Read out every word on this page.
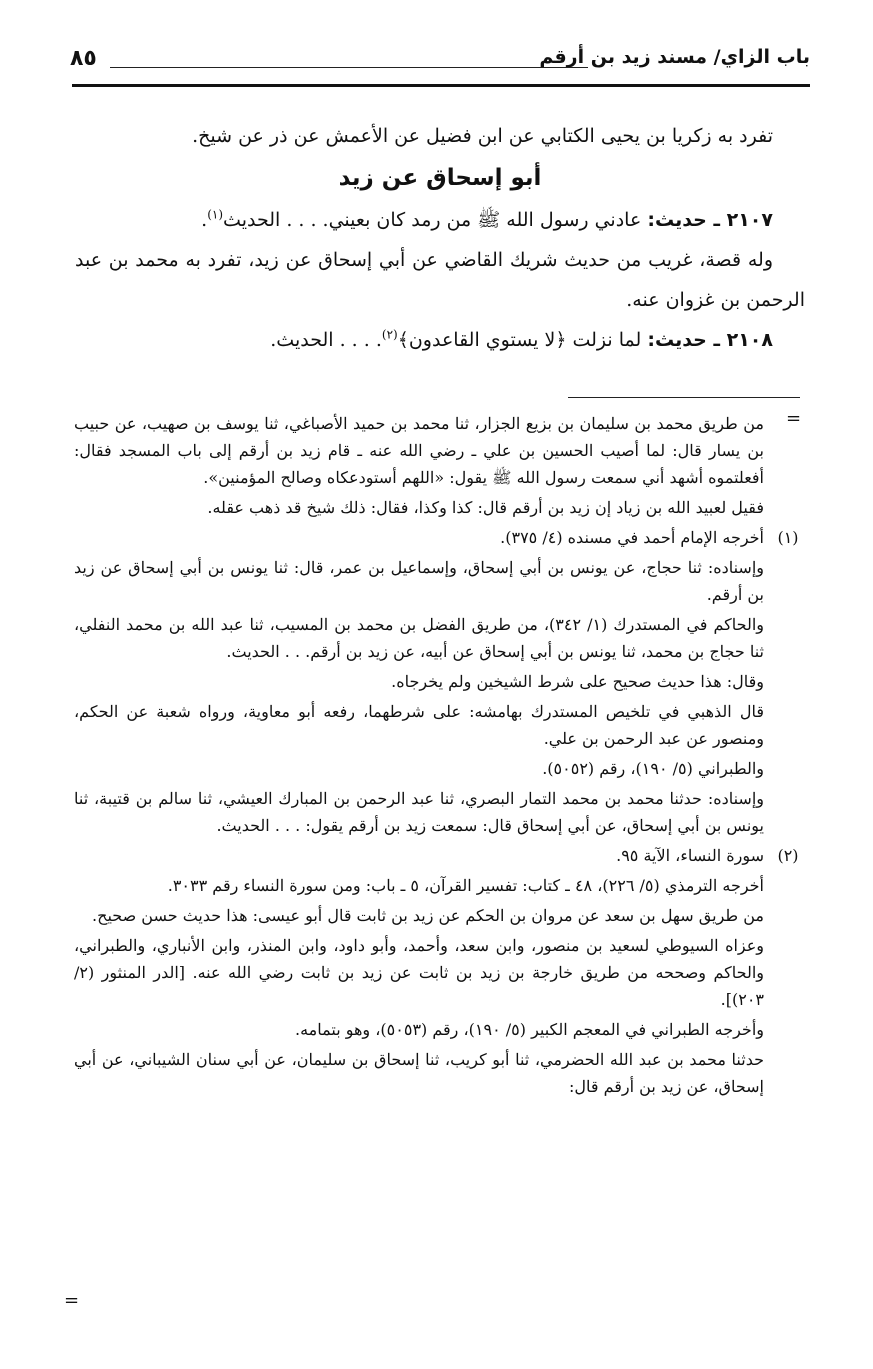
باب الزاي/ مسند زيد بن أرقم
٨٥

تفرد به زكريا بن يحيى الكتابي عن ابن فضيل عن الأعمش عن ذر عن شيخ.

أبو إسحاق عن زيد

٢١٠٧ ـ حديث: عادني رسول الله ﷺ من رمد كان بعيني. . . . الحديث$^{(١)}$.

وله قصة، غريب من حديث شريك القاضي عن أبي إسحاق عن زيد، تفرد به محمد بن عبد الرحمن بن غزوان عنه.

٢١٠٨ ـ حديث: لما نزلت ﴿لا يستوي القاعدون﴾$^{(٢)}$. . . . الحديث.

=

من طريق محمد بن سليمان بن بزيع الجزار، ثنا محمد بن حميد الأصباغي، ثنا يوسف بن صهيب، عن حبيب بن يسار قال: لما أصيب الحسين بن علي ـ رضي الله عنه ـ قام زيد بن أرقم إلى باب المسجد فقال: أفعلتموه أشهد أني سمعت رسول الله ﷺ يقول: «اللهم أستودعكاه وصالح المؤمنين».

فقيل لعبيد الله بن زياد إن زيد بن أرقم قال: كذا وكذا، فقال: ذلك شيخ قد ذهب عقله.

(١)

أخرجه الإمام أحمد في مسنده (٤/ ٣٧٥).

وإسناده: ثنا حجاج، عن يونس بن أبي إسحاق، وإسماعيل بن عمر، قال: ثنا يونس بن أبي إسحاق عن زيد بن أرقم.

والحاكم في المستدرك (١/ ٣٤٢)، من طريق الفضل بن محمد بن المسيب، ثنا عبد الله بن محمد النفلي، ثنا حجاج بن محمد، ثنا يونس بن أبي إسحاق عن أبيه، عن زيد بن أرقم. . . الحديث.

وقال: هذا حديث صحيح على شرط الشيخين ولم يخرجاه.

قال الذهبي في تلخيص المستدرك بهامشه: على شرطهما، رفعه أبو معاوية، ورواه شعبة عن الحكم، ومنصور عن عبد الرحمن بن علي.

والطبراني (٥/ ١٩٠)، رقم (٥٠٥٢).

وإسناده: حدثنا محمد بن محمد التمار البصري، ثنا عبد الرحمن بن المبارك العيشي، ثنا سالم بن قتيبة، ثنا يونس بن أبي إسحاق، عن أبي إسحاق قال: سمعت زيد بن أرقم يقول: . . . الحديث.

(٢)

سورة النساء، الآية ٩٥.

أخرجه الترمذي (٥/ ٢٢٦)، ٤٨ ـ كتاب: تفسير القرآن، ٥ ـ باب: ومن سورة النساء رقم ٣٠٣٣.

من طريق سهل بن سعد عن مروان بن الحكم عن زيد بن ثابت قال أبو عيسى: هذا حديث حسن صحيح.

وعزاه السيوطي لسعيد بن منصور، وابن سعد، وأحمد، وأبو داود، وابن المنذر، وابن الأنباري، والطبراني، والحاكم وصححه من طريق خارجة بن زيد بن ثابت عن زيد بن ثابت رضي الله عنه. [الدر المنثور (٢/ ٢٠٣)].

وأخرجه الطبراني في المعجم الكبير (٥/ ١٩٠)، رقم (٥٠٥٣)، وهو بتمامه.

حدثنا محمد بن عبد الله الحضرمي، ثنا أبو كريب، ثنا إسحاق بن سليمان، عن أبي سنان الشيباني، عن أبي إسحاق، عن زيد بن أرقم قال:

=
